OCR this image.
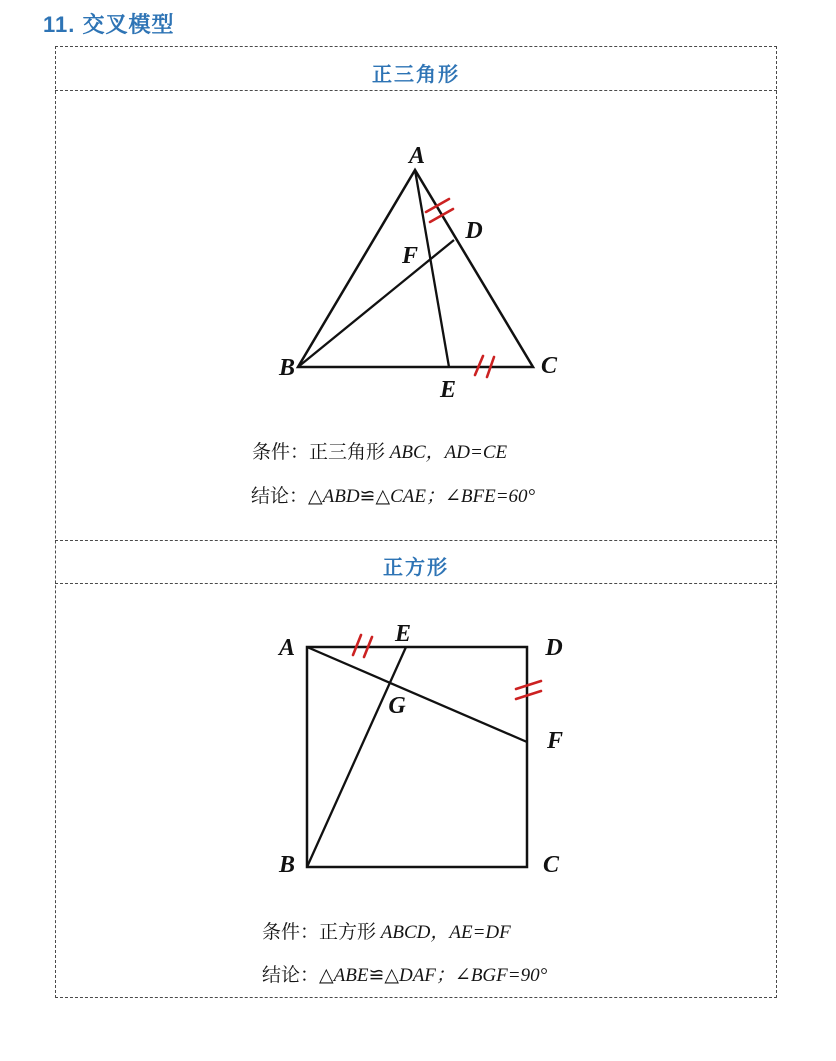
11. 交叉模型
正三角形
正方形
A
B	C
D
E
F
A	D
B	C
E
F
G
条件：正三角形 ABC，AD=CE
结论：△ABD≌△CAE；∠BFE=60°
条件：正方形 ABCD，AE=DF
结论：△ABE≌△DAF；∠BGF=90°
